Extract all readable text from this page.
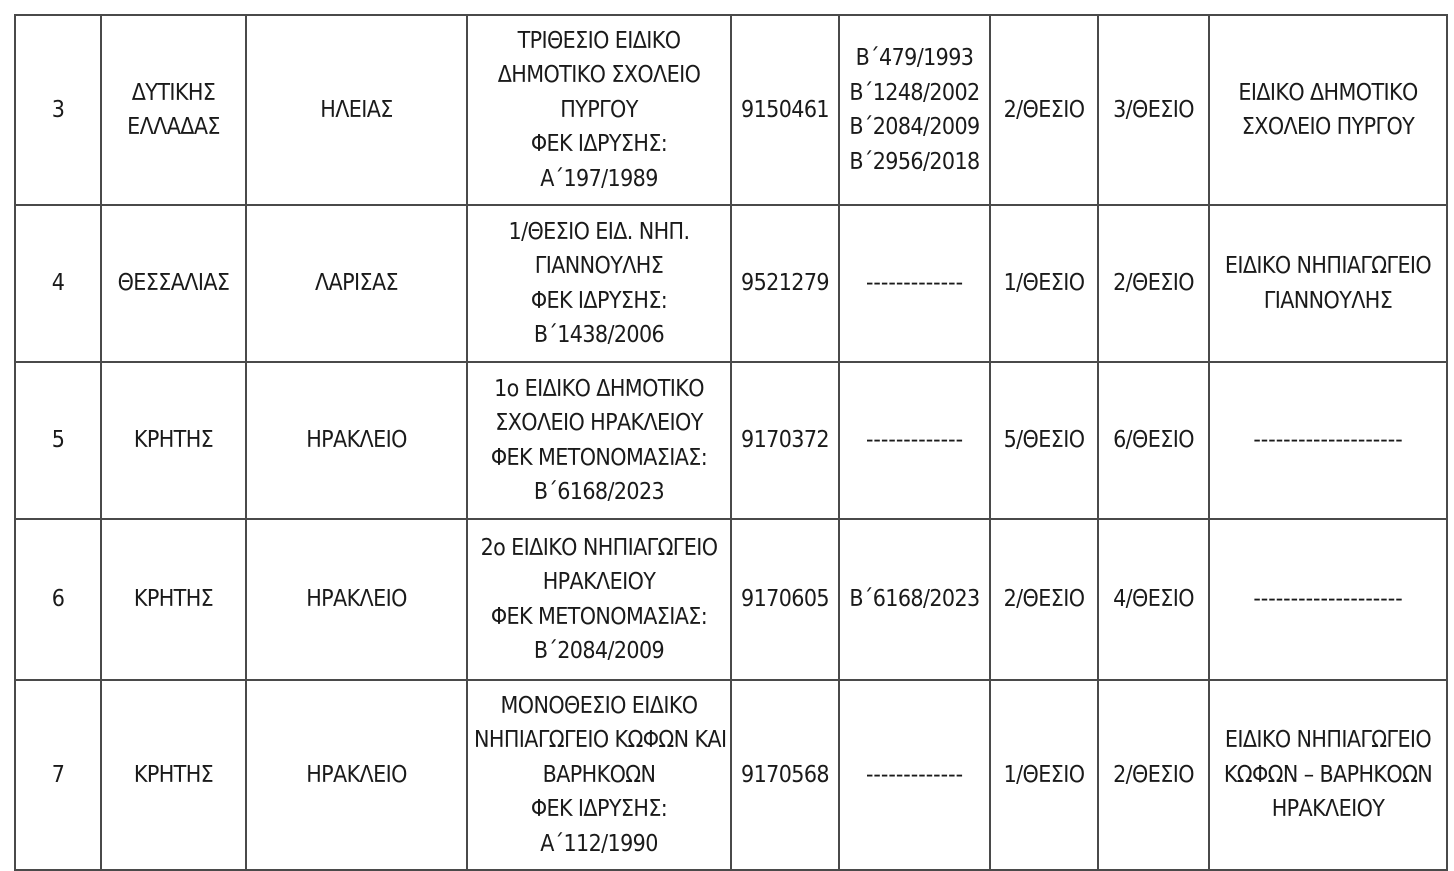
3	ΔΥΤΙΚΗΣ
ΕΛΛΑΔΑΣ	ΗΛΕΙΑΣ	ΤΡΙΘΕΣΙΟ ΕΙΔΙΚΟ
ΔΗΜΟΤΙΚΟ ΣΧΟΛΕΙΟ
ΠΥΡΓΟΥ
ΦΕΚ ΙΔΡΥΣΗΣ:
Α΄197/1989	9150461	Β΄479/1993
Β΄1248/2002
Β΄2084/2009
Β΄2956/2018	2/ΘΕΣΙΟ	3/ΘΕΣΙΟ	ΕΙΔΙΚΟ ΔΗΜΟΤΙΚΟ
ΣΧΟΛΕΙΟ ΠΥΡΓΟΥ

4	ΘΕΣΣΑΛΙΑΣ	ΛΑΡΙΣΑΣ	1/ΘΕΣΙΟ ΕΙΔ. ΝΗΠ.
ΓΙΑΝΝΟΥΛΗΣ
ΦΕΚ ΙΔΡΥΣΗΣ:
Β΄1438/2006	9521279	-------------	1/ΘΕΣΙΟ	2/ΘΕΣΙΟ	ΕΙΔΙΚΟ ΝΗΠΙΑΓΩΓΕΙΟ
ΓΙΑΝΝΟΥΛΗΣ

5	ΚΡΗΤΗΣ	ΗΡΑΚΛΕΙΟ	1ο ΕΙΔΙΚΟ ΔΗΜΟΤΙΚΟ
ΣΧΟΛΕΙΟ ΗΡΑΚΛΕΙΟΥ
ΦΕΚ ΜΕΤΟΝΟΜΑΣΙΑΣ:
Β΄6168/2023	9170372	-------------	5/ΘΕΣΙΟ	6/ΘΕΣΙΟ	--------------------

6	ΚΡΗΤΗΣ	ΗΡΑΚΛΕΙΟ	2ο ΕΙΔΙΚΟ ΝΗΠΙΑΓΩΓΕΙΟ
ΗΡΑΚΛΕΙΟΥ
ΦΕΚ ΜΕΤΟΝΟΜΑΣΙΑΣ:
Β΄2084/2009	9170605	Β΄6168/2023	2/ΘΕΣΙΟ	4/ΘΕΣΙΟ	--------------------

7	ΚΡΗΤΗΣ	ΗΡΑΚΛΕΙΟ	ΜΟΝΟΘΕΣΙΟ ΕΙΔΙΚΟ
ΝΗΠΙΑΓΩΓΕΙΟ ΚΩΦΩΝ ΚΑΙ
ΒΑΡΗΚΟΩΝ
ΦΕΚ ΙΔΡΥΣΗΣ:
Α΄112/1990	9170568	-------------	1/ΘΕΣΙΟ	2/ΘΕΣΙΟ	ΕΙΔΙΚΟ ΝΗΠΙΑΓΩΓΕΙΟ
ΚΩΦΩΝ – ΒΑΡΗΚΟΩΝ
ΗΡΑΚΛΕΙΟΥ
